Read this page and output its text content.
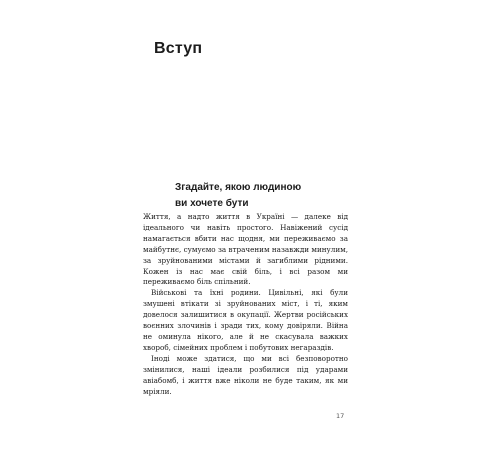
Вступ
Згадайте, якою людиною
ви хочете бути

Життя, а надто життя в Україні — далеке від ідеального чи навіть простого. Навіжений сусід намагається вбити нас щодня, ми переживаємо за майбутнє, сумуємо за втраченим назавжди минулим, за зруйнованими містами й загиблими рідними. Кожен із нас має свій біль, і всі разом ми переживаємо біль спільний.

Військові та їхні родини. Цивільні, які були змушені втікати зі зруйнованих міст, і ті, яким довелося залишитися в окупації. Жертви російських воєнних злочинів і зради тих, кому довіряли. Війна не оминула нікого, але й не скасувала важких хвороб, сімейних проблем і побутових негараздів.

Іноді може здатися, що ми всі безповоротно змінилися, наші ідеали розбилися під ударами авіабомб, і життя вже ніколи не буде таким, як ми мріяли.

17
